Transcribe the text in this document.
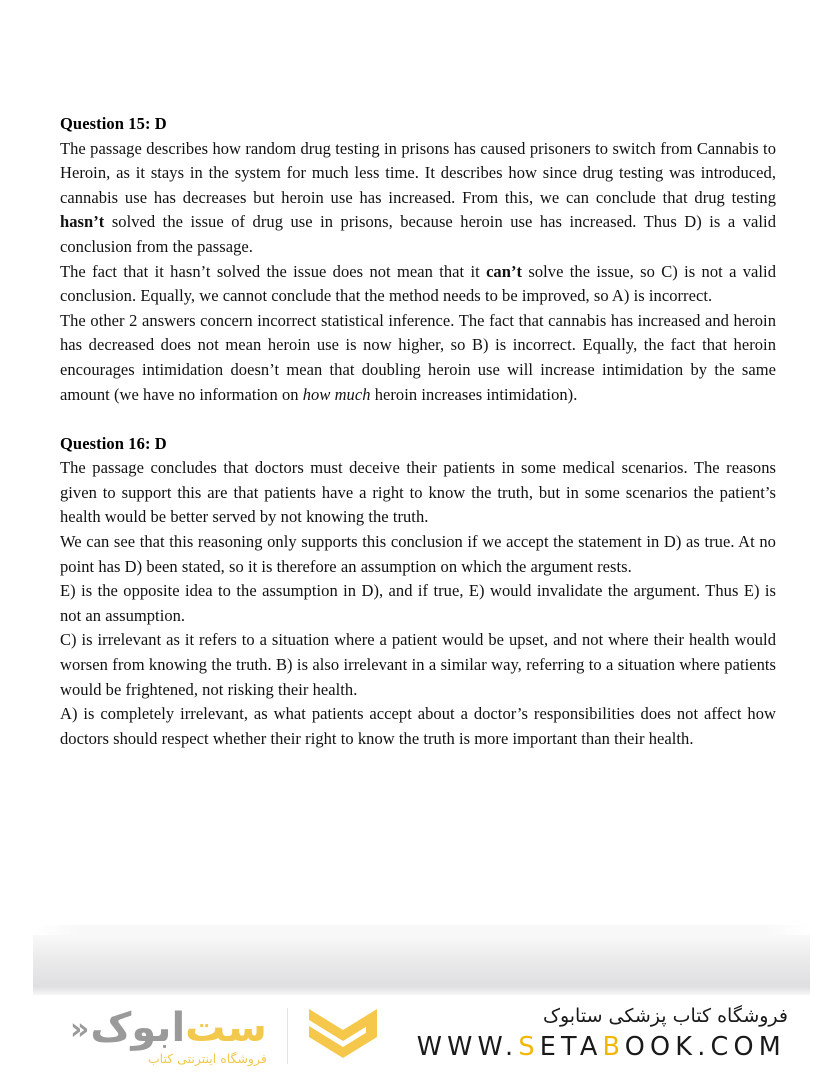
Question 15: D

The passage describes how random drug testing in prisons has caused prisoners to switch from Cannabis to Heroin, as it stays in the system for much less time. It describes how since drug testing was introduced, cannabis use has decreases but heroin use has increased. From this, we can conclude that drug testing hasn’t solved the issue of drug use in prisons, because heroin use has increased. Thus D) is a valid conclusion from the passage.

The fact that it hasn’t solved the issue does not mean that it can’t solve the issue, so C) is not a valid conclusion. Equally, we cannot conclude that the method needs to be improved, so A) is incorrect.

The other 2 answers concern incorrect statistical inference. The fact that cannabis has increased and heroin has decreased does not mean heroin use is now higher, so B) is incorrect. Equally, the fact that heroin encourages intimidation doesn’t mean that doubling heroin use will increase intimidation by the same amount (we have no information on how much heroin increases intimidation).

Question 16: D

The passage concludes that doctors must deceive their patients in some medical scenarios. The reasons given to support this are that patients have a right to know the truth, but in some scenarios the patient’s health would be better served by not knowing the truth.

We can see that this reasoning only supports this conclusion if we accept the statement in D) as true. At no point has D) been stated, so it is therefore an assumption on which the argument rests.

E) is the opposite idea to the assumption in D), and if true, E) would invalidate the argument. Thus E) is not an assumption.

C) is irrelevant as it refers to a situation where a patient would be upset, and not where their health would worsen from knowing the truth. B) is also irrelevant in a similar way, referring to a situation where patients would be frightened, not risking their health.

A) is completely irrelevant, as what patients accept about a doctor’s responsibilities does not affect how doctors should respect whether their right to know the truth is more important than their health.

ست
ابوک
«
فروشگاه اینترنتی کتاب
فروشگاه کتاب پزشکی ستابوک
WWW.SETABOOK.COM
